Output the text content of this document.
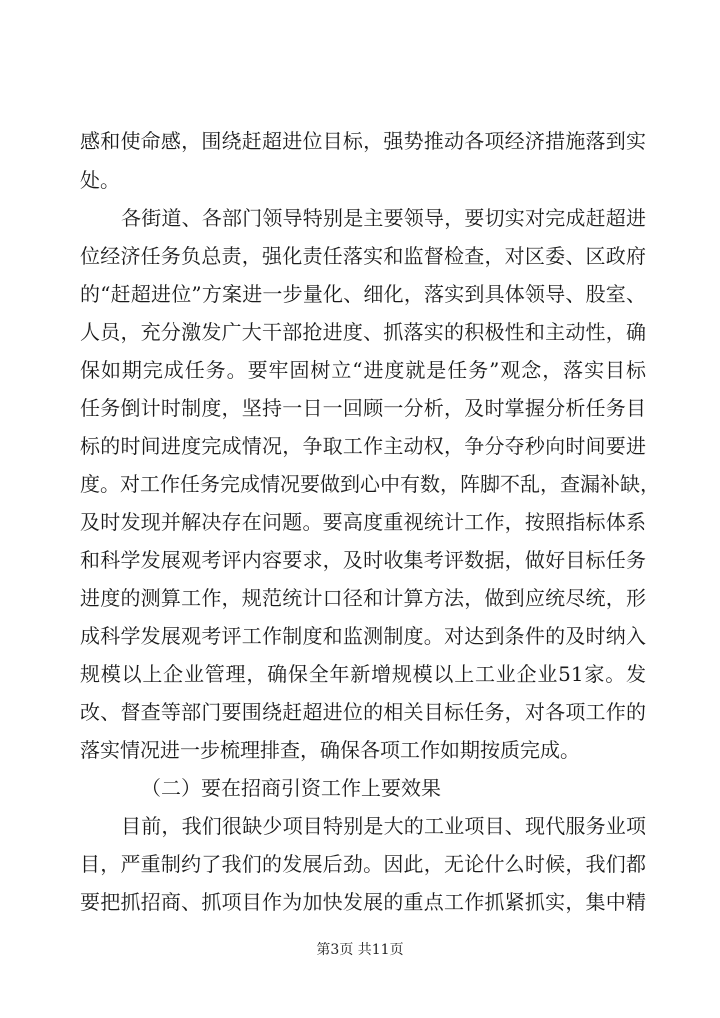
感和使命感，围绕赶超进位目标，强势推动各项经济措施落到实
处。
各街道、各部门领导特别是主要领导，要切实对完成赶超进
位经济任务负总责，强化责任落实和监督检查，对区委、区政府
的“赶超进位”方案进一步量化、细化，落实到具体领导、股室、
人员，充分激发广大干部抢进度、抓落实的积极性和主动性，确
保如期完成任务。要牢固树立“进度就是任务”观念，落实目标
任务倒计时制度，坚持一日一回顾一分析，及时掌握分析任务目
标的时间进度完成情况，争取工作主动权，争分夺秒向时间要进
度。对工作任务完成情况要做到心中有数，阵脚不乱，查漏补缺，
及时发现并解决存在问题。要高度重视统计工作，按照指标体系
和科学发展观考评内容要求，及时收集考评数据，做好目标任务
进度的测算工作，规范统计口径和计算方法，做到应统尽统，形
成科学发展观考评工作制度和监测制度。对达到条件的及时纳入
规模以上企业管理，确保全年新增规模以上工业企业51家。发
改、督查等部门要围绕赶超进位的相关目标任务，对各项工作的
落实情况进一步梳理排查，确保各项工作如期按质完成。
（二）要在招商引资工作上要效果
目前，我们很缺少项目特别是大的工业项目、现代服务业项
目，严重制约了我们的发展后劲。因此，无论什么时候，我们都
要把抓招商、抓项目作为加快发展的重点工作抓紧抓实，集中精
第3页 共11页
